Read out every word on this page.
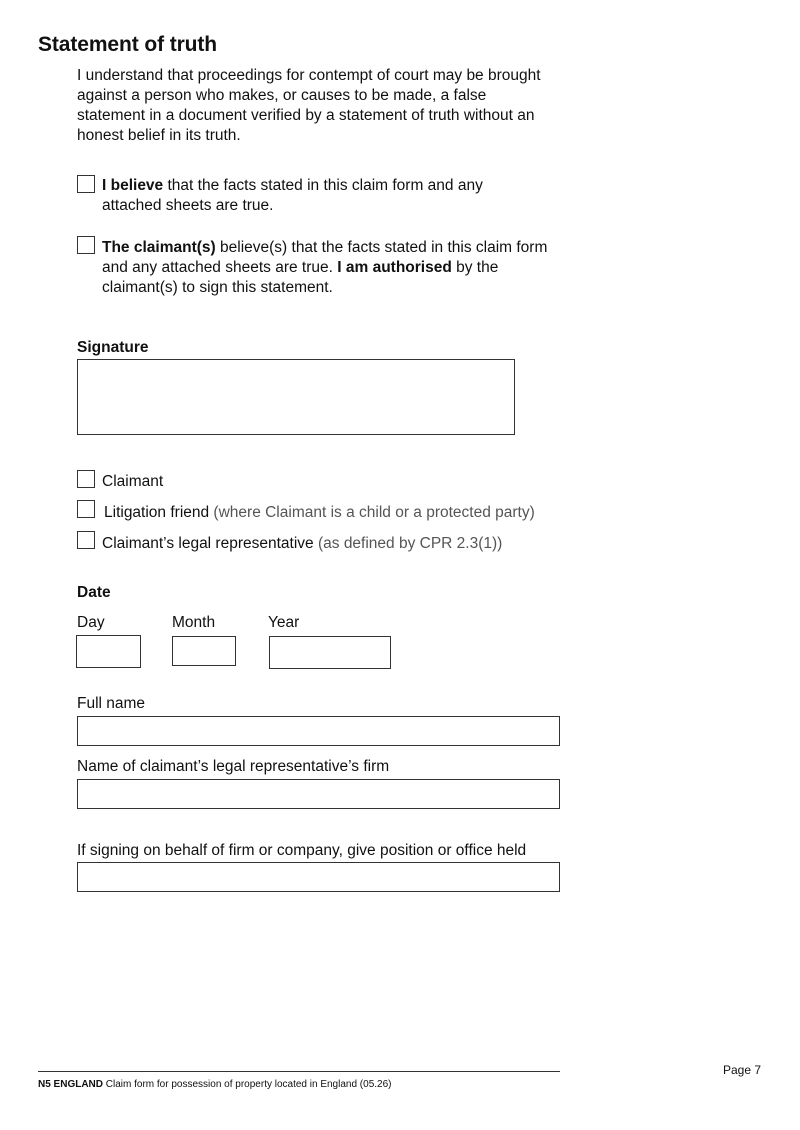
Statement of truth

I understand that proceedings for contempt of court may be brought against a person who makes, or causes to be made, a false statement in a document verified by a statement of truth without an honest belief in its truth.

I believe that the facts stated in this claim form and any attached sheets are true.

The claimant(s) believe(s) that the facts stated in this claim form and any attached sheets are true. I am authorised by the claimant(s) to sign this statement.

Signature
Claimant
Litigation friend (where Claimant is a child or a protected party)
Claimant’s legal representative (as defined by CPR 2.3(1))
Date
Day	Month	Year
Full name
Name of claimant’s legal representative’s firm
If signing on behalf of firm or company, give position or office held
Page 7
N5 ENGLAND Claim form for possession of property located in England (05.26)
